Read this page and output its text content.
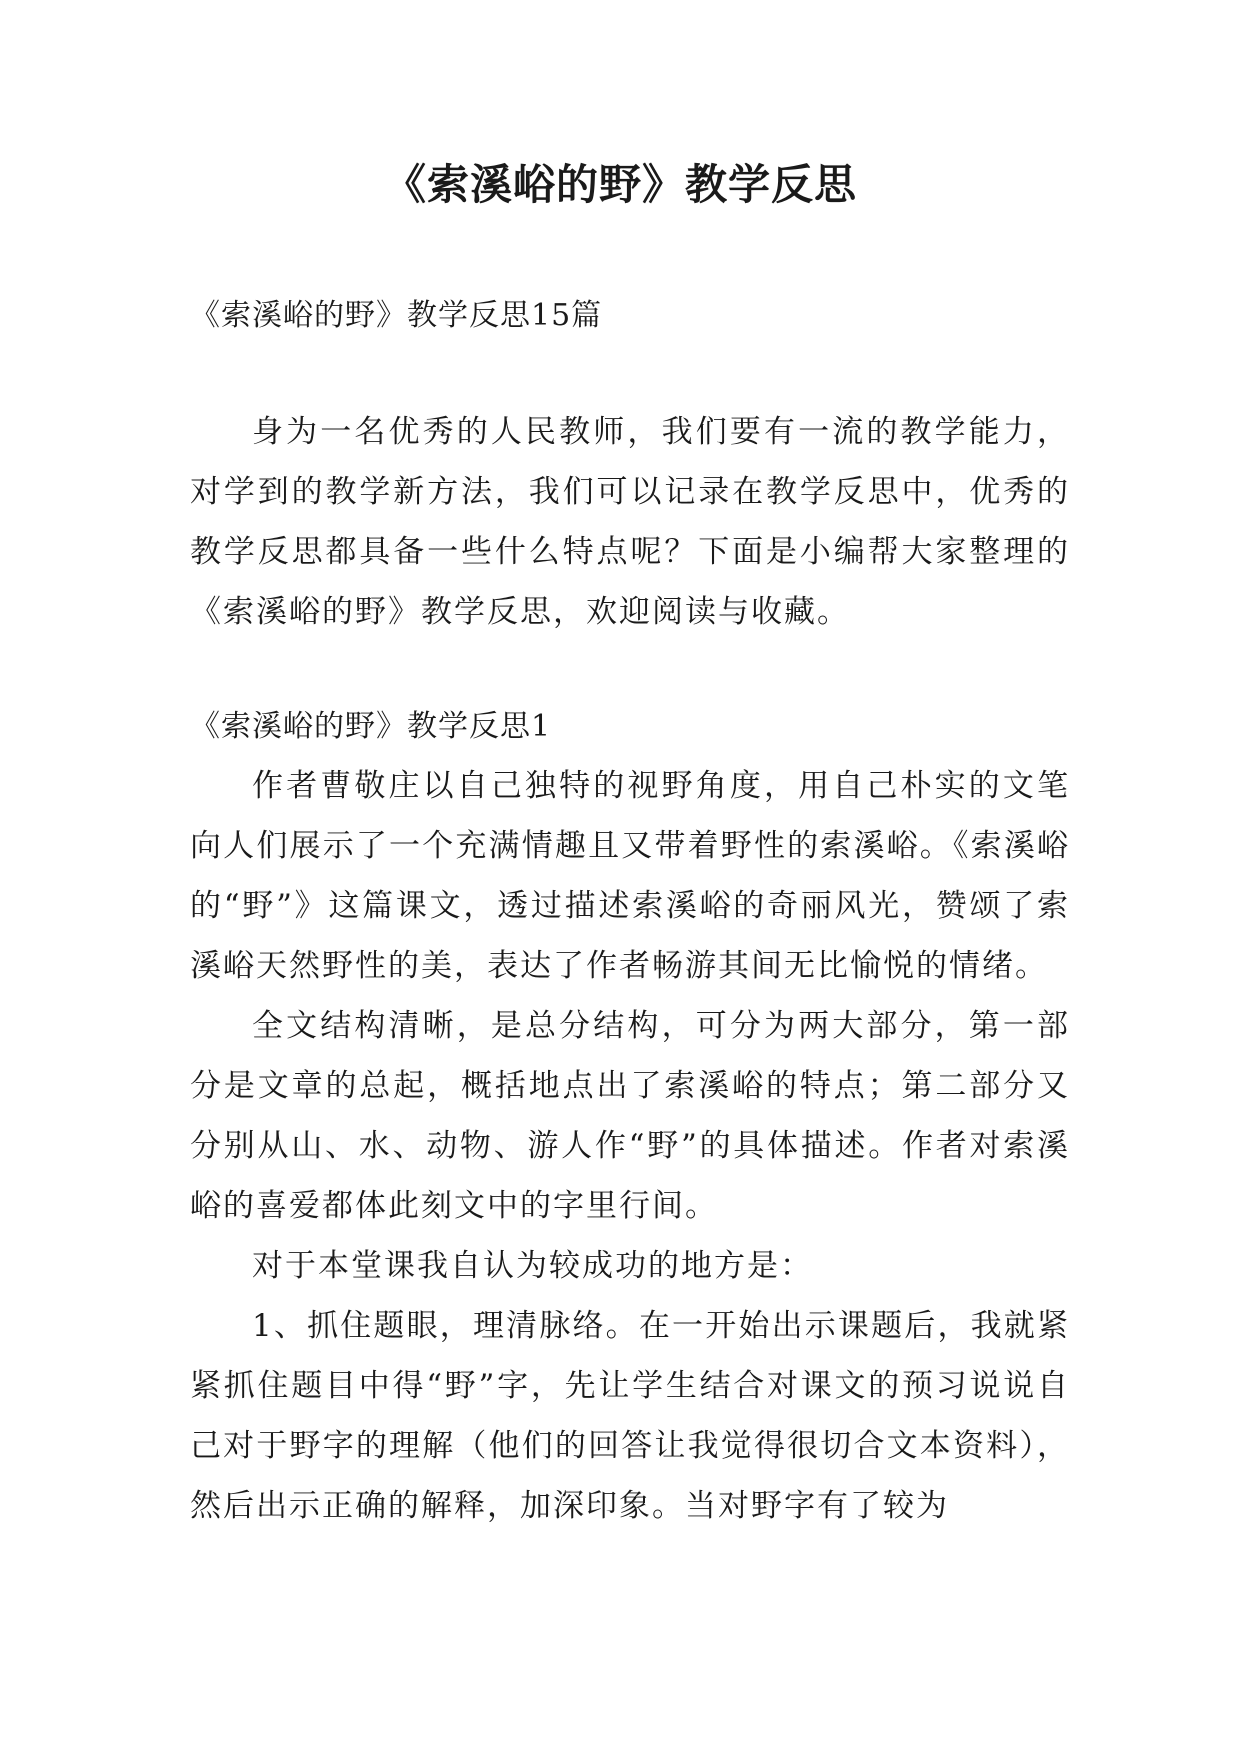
《索溪峪的野》教学反思
《索溪峪的野》教学反思15篇

身为一名优秀的人民教师，我们要有一流的教学能力，对学到的教学新方法，我们可以记录在教学反思中，优秀的教学反思都具备一些什么特点呢？下面是小编帮大家整理的《索溪峪的野》教学反思，欢迎阅读与收藏。

《索溪峪的野》教学反思1

作者曹敬庄以自己独特的视野角度，用自己朴实的文笔向人们展示了一个充满情趣且又带着野性的索溪峪。《索溪峪的“野”》这篇课文，透过描述索溪峪的奇丽风光，赞颂了索溪峪天然野性的美，表达了作者畅游其间无比愉悦的情绪。

全文结构清晰，是总分结构，可分为两大部分，第一部分是文章的总起，概括地点出了索溪峪的特点；第二部分又分别从山、水、动物、游人作“野”的具体描述。作者对索溪峪的喜爱都体此刻文中的字里行间。

对于本堂课我自认为较成功的地方是：

1、抓住题眼，理清脉络。在一开始出示课题后，我就紧紧抓住题目中得“野”字，先让学生结合对课文的预习说说自己对于野字的理解（他们的回答让我觉得很切合文本资料），然后出示正确的解释，加深印象。当对野字有了较为
